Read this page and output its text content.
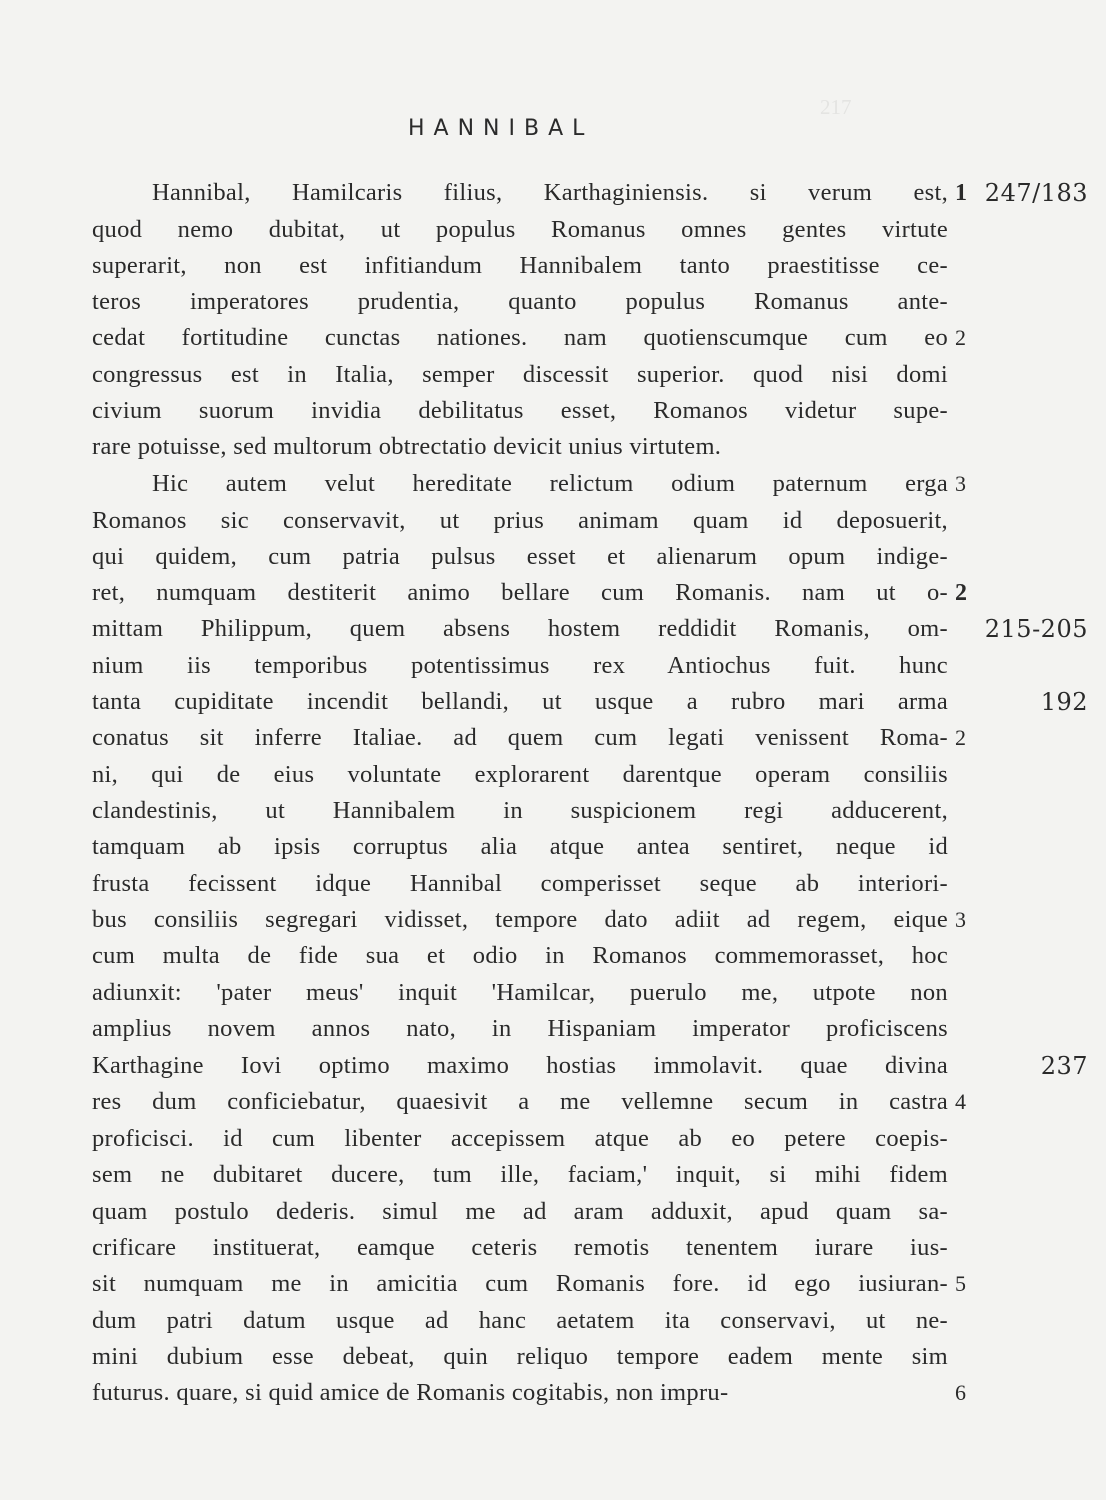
217
HANNIBAL
Hannibal, Hamilcaris filius, Karthaginiensis. si verum est,
quod nemo dubitat, ut populus Romanus omnes gentes virtute
superarit, non est infitiandum Hannibalem tanto praestitisse ce-
teros imperatores prudentia, quanto populus Romanus ante-
cedat fortitudine cunctas nationes. nam quotienscumque cum eo
congressus est in Italia, semper discessit superior. quod nisi domi
civium suorum invidia debilitatus esset, Romanos videtur supe-
rare potuisse, sed multorum obtrectatio devicit unius virtutem.
Hic autem velut hereditate relictum odium paternum erga
Romanos sic conservavit, ut prius animam quam id deposuerit,
qui quidem, cum patria pulsus esset et alienarum opum indige-
ret, numquam destiterit animo bellare cum Romanis. nam ut o-
mittam Philippum, quem absens hostem reddidit Romanis, om-
nium iis temporibus potentissimus rex Antiochus fuit. hunc
tanta cupiditate incendit bellandi, ut usque a rubro mari arma
conatus sit inferre Italiae. ad quem cum legati venissent Roma-
ni, qui de eius voluntate explorarent darentque operam consiliis
clandestinis, ut Hannibalem in suspicionem regi adducerent,
tamquam ab ipsis corruptus alia atque antea sentiret, neque id
frusta fecissent idque Hannibal comperisset seque ab interiori-
bus consiliis segregari vidisset, tempore dato adiit ad regem, eique
cum multa de fide sua et odio in Romanos commemorasset, hoc
adiunxit: 'pater meus' inquit 'Hamilcar, puerulo me, utpote non
amplius novem annos nato, in Hispaniam imperator proficiscens
Karthagine Iovi optimo maximo hostias immolavit. quae divina
res dum conficiebatur, quaesivit a me vellemne secum in castra
proficisci. id cum libenter accepissem atque ab eo petere coepis-
sem ne dubitaret ducere, tum ille, faciam,' inquit, si mihi fidem
quam postulo dederis. simul me ad aram adduxit, apud quam sa-
crificare instituerat, eamque ceteris remotis tenentem iurare ius-
sit numquam me in amicitia cum Romanis fore. id ego iusiuran-
dum patri datum usque ad hanc aetatem ita conservavi, ut ne-
mini dubium esse debeat, quin reliquo tempore eadem mente sim
futurus. quare, si quid amice de Romanis cogitabis, non impru-
1
2
3
2
2
3
4
5
6
247/183
215-205
192
237
